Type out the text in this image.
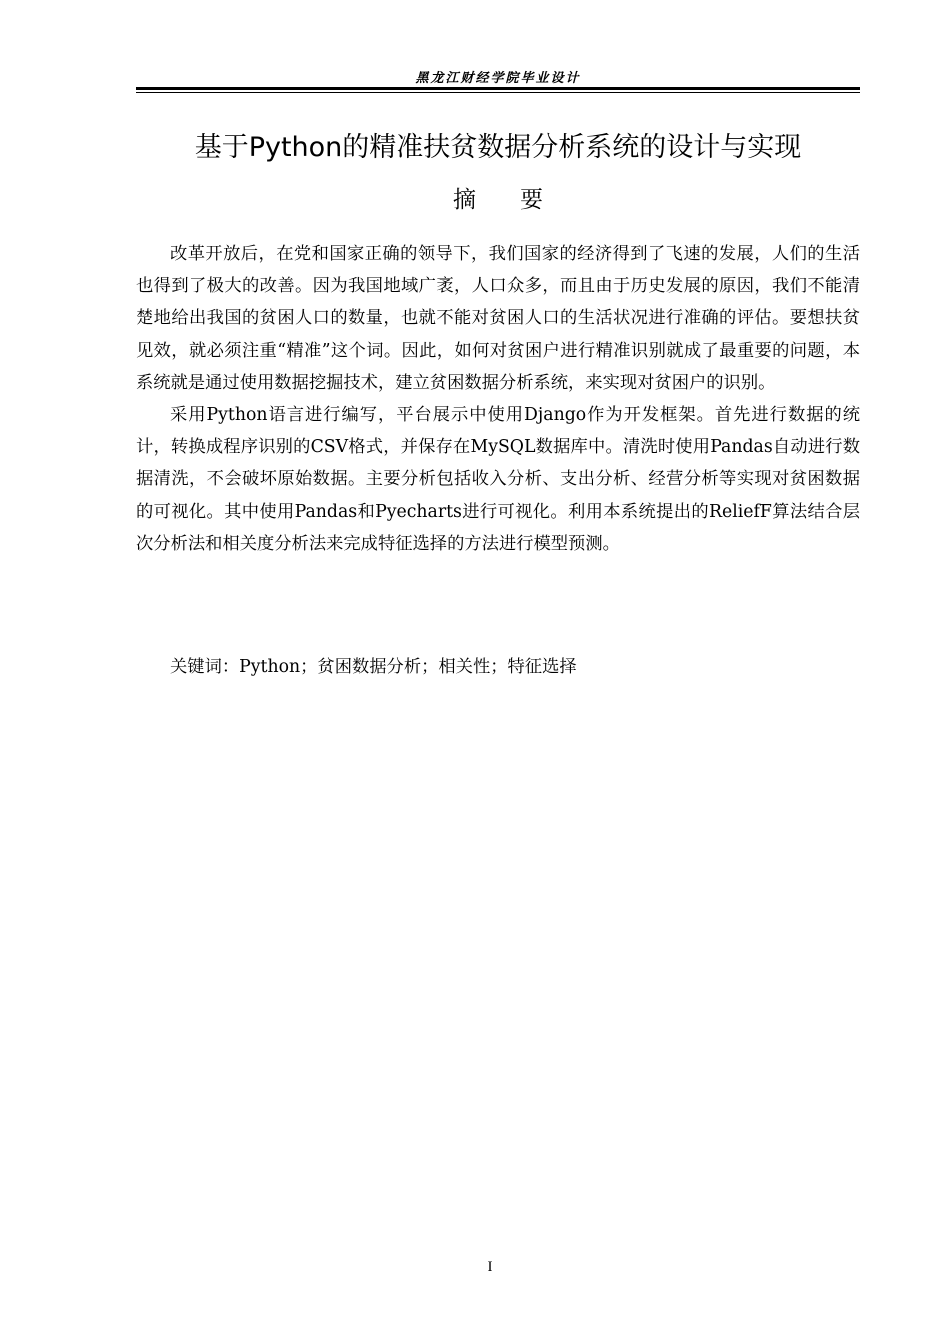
黑龙江财经学院毕业设计
基于Python的精准扶贫数据分析系统的设计与实现
摘 要

改革开放后，在党和国家正确的领导下，我们国家的经济得到了飞速的发展，人们的生活也得到了极大的改善。因为我国地域广袤，人口众多，而且由于历史发展的原因，我们不能清楚地给出我国的贫困人口的数量，也就不能对贫困人口的生活状况进行准确的评估。要想扶贫见效，就必须注重“精准”这个词。因此，如何对贫困户进行精准识别就成了最重要的问题，本系统就是通过使用数据挖掘技术，建立贫困数据分析系统，来实现对贫困户的识别。

采用Python语言进行编写，平台展示中使用Django作为开发框架。首先进行数据的统计，转换成程序识别的CSV格式，并保存在MySQL数据库中。清洗时使用Pandas自动进行数据清洗，不会破坏原始数据。主要分析包括收入分析、支出分析、经营分析等实现对贫困数据的可视化。其中使用Pandas和Pyecharts进行可视化。利用本系统提出的ReliefF算法结合层次分析法和相关度分析法来完成特征选择的方法进行模型预测。

关键词：Python；贫困数据分析；相关性；特征选择
I
